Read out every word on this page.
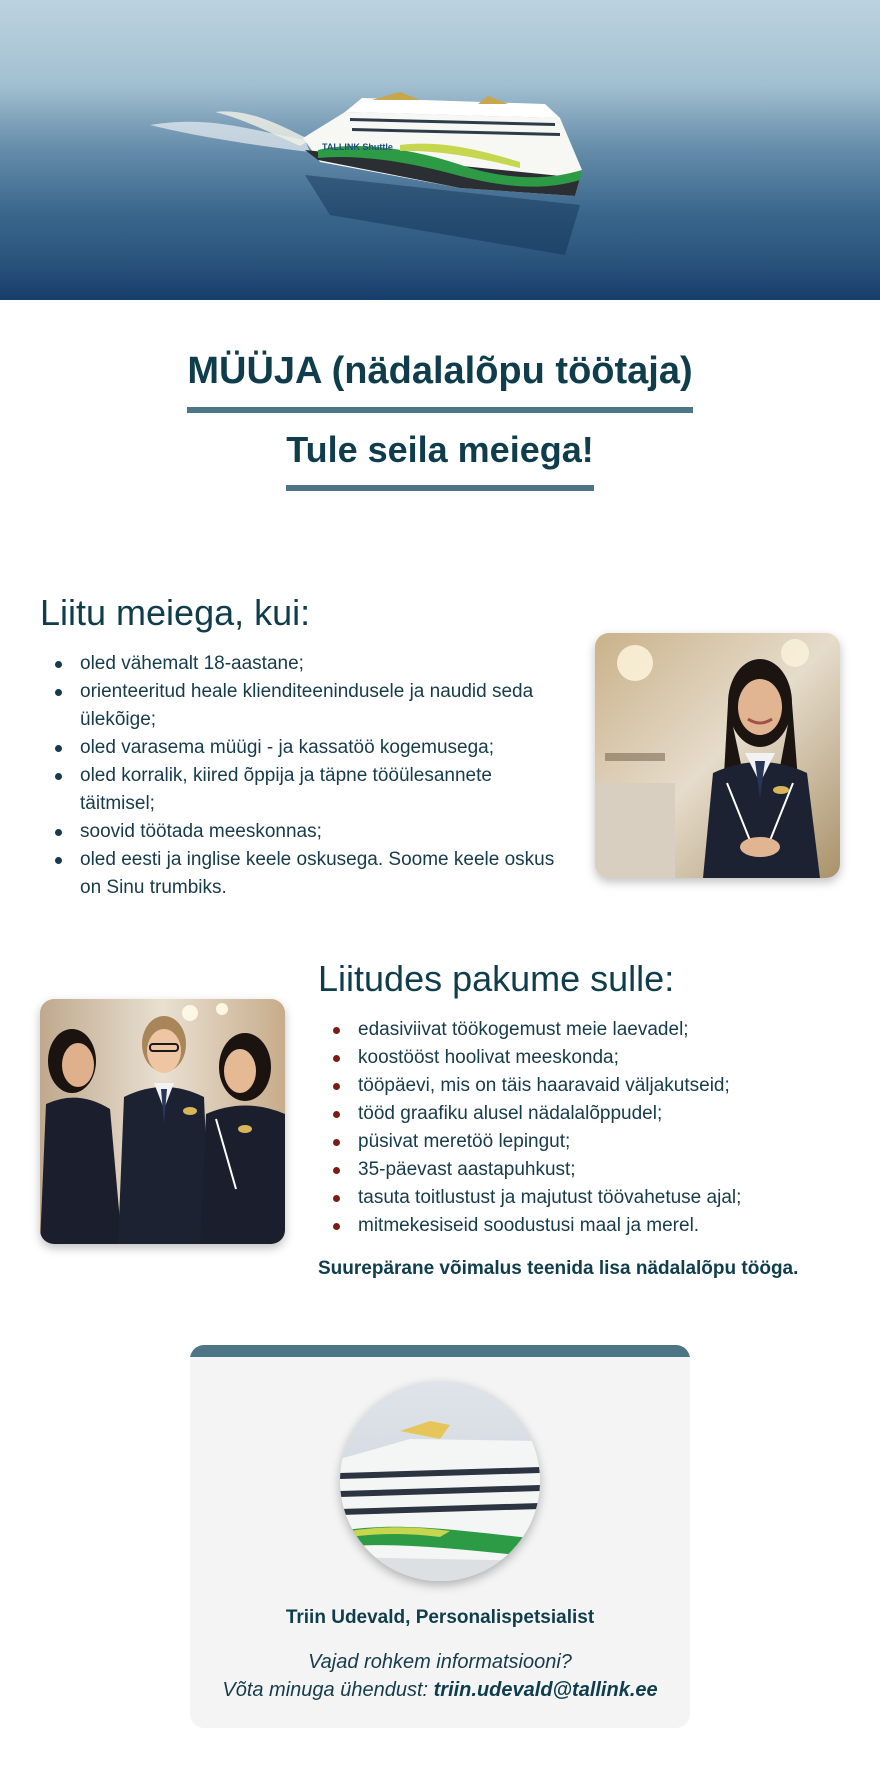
TALLINK Shuttle
MÜÜJA (nädalalõpu töötaja)
Tule seila meiega!
Liitu meiega, kui:
oled vähemalt 18-aastane;
orienteeritud heale klienditeenindusele ja naudid seda ülekõige;
oled varasema müügi - ja kassatöö kogemusega;
oled korralik, kiired õppija ja täpne tööülesannete täitmisel;
soovid töötada meeskonnas;
oled eesti ja inglise keele oskusega. Soome keele oskus on Sinu trumbiks.
Liitudes pakume sulle:
edasiviivat töökogemust meie laevadel;
koostööst hoolivat meeskonda;
tööpäevi, mis on täis haaravaid väljakutseid;
tööd graafiku alusel nädalalõppudel;
püsivat meretöö lepingut;
35-päevast aastapuhkust;
tasuta toitlustust ja majutust töövahetuse ajal;
mitmekesiseid soodustusi maal ja merel.

Suurepärane võimalus teenida lisa nädalalõpu tööga.

Triin Udevald, Personalispetsialist
Vajad rohkem informatsiooni?
Võta minuga ühendust: triin.udevald@tallink.ee
